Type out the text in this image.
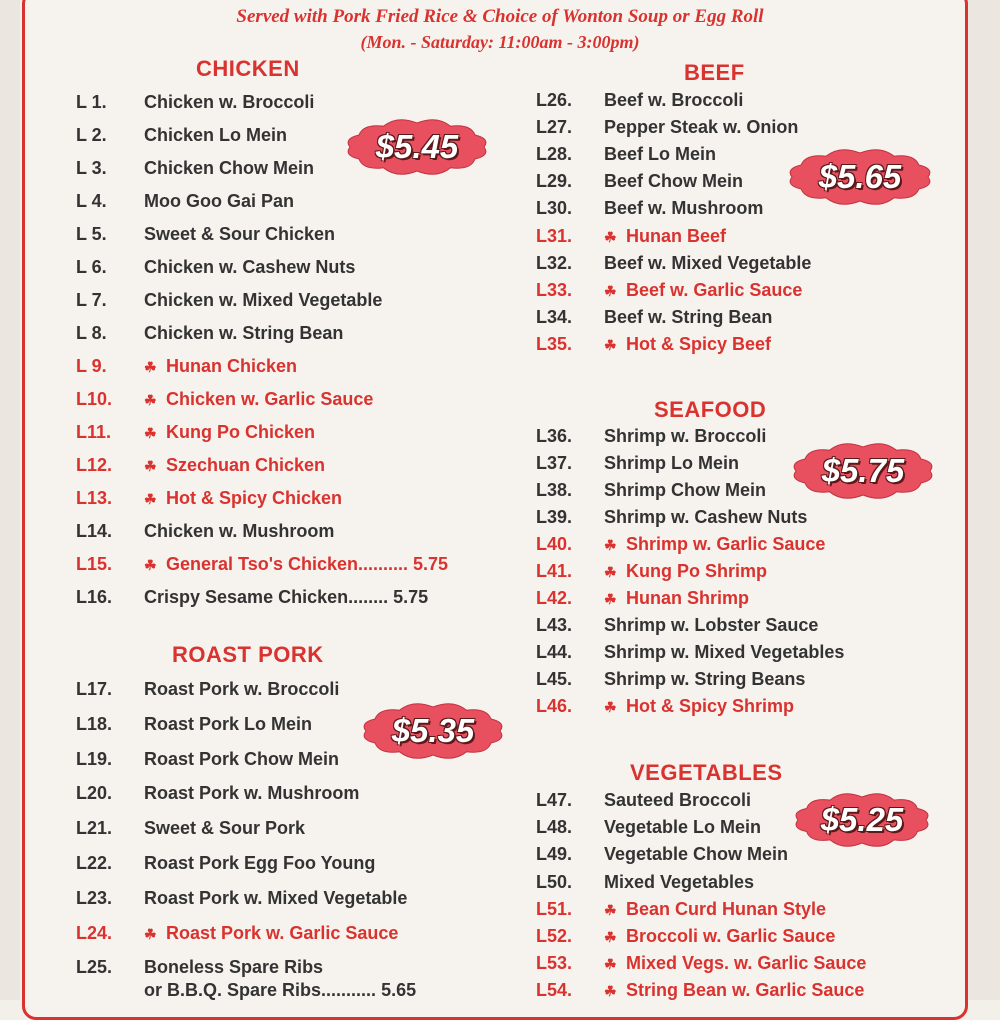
Served with Pork Fried Rice & Choice of Wonton Soup or Egg Roll
(Mon. - Saturday: 11:00am - 3:00pm)
CHICKEN
L 1. Chicken w. Broccoli
L 2. Chicken Lo Mein
L 3. Chicken Chow Mein
L 4. Moo Goo Gai Pan
L 5. Sweet & Sour Chicken
L 6. Chicken w. Cashew Nuts
L 7. Chicken w. Mixed Vegetable
L 8. Chicken w. String Bean
L 9.	☘ Hunan Chicken
L10. ☘ Chicken w. Garlic Sauce
L11. ☘ Kung Po Chicken
L12. ☘ Szechuan Chicken
L13. ☘ Hot & Spicy Chicken
L14. Chicken w. Mushroom
L15. ☘ General Tso's Chicken.......... 5.75
L16. Crispy Sesame Chicken........ 5.75
$5.45
ROAST PORK
L17. Roast Pork w. Broccoli
L18. Roast Pork Lo Mein
L19. Roast Pork Chow Mein
L20. Roast Pork w. Mushroom
L21. Sweet & Sour Pork
L22. Roast Pork Egg Foo Young
L23. Roast Pork w. Mixed Vegetable
L24. ☘ Roast Pork w. Garlic Sauce
L25. Boneless Spare Ribs
or B.B.Q. Spare Ribs........... 5.65
$5.35
BEEF
L26. Beef w. Broccoli
L27. Pepper Steak w. Onion
L28. Beef Lo Mein
L29. Beef Chow Mein
L30. Beef w. Mushroom
L31. ☘ Hunan Beef
L32. Beef w. Mixed Vegetable
L33. ☘ Beef w. Garlic Sauce
L34. Beef w. String Bean
L35. ☘ Hot & Spicy Beef
$5.65
SEAFOOD
L36. Shrimp w. Broccoli
L37. Shrimp Lo Mein
L38. Shrimp Chow Mein
L39. Shrimp w. Cashew Nuts
L40. ☘ Shrimp w. Garlic Sauce
L41. ☘ Kung Po Shrimp
L42. ☘ Hunan Shrimp
L43. Shrimp w. Lobster Sauce
L44. Shrimp w. Mixed Vegetables
L45. Shrimp w. String Beans
L46. ☘ Hot & Spicy Shrimp
$5.75
VEGETABLES
L47. Sauteed Broccoli
L48. Vegetable Lo Mein
L49. Vegetable Chow Mein
L50. Mixed Vegetables
L51. ☘ Bean Curd Hunan Style
L52. ☘ Broccoli w. Garlic Sauce
L53. ☘ Mixed Vegs. w. Garlic Sauce
L54. ☘ String Bean w. Garlic Sauce
$5.25
